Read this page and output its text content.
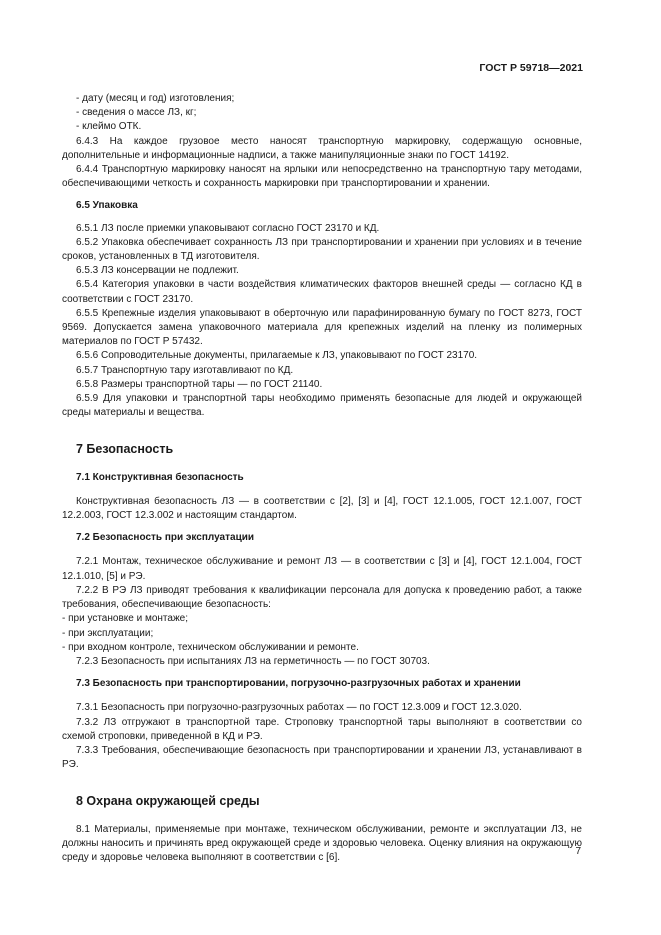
ГОСТ Р 59718—2021

- дату (месяц и год) изготовления;

- сведения о массе ЛЗ, кг;

- клеймо ОТК.

6.4.3 На каждое грузовое место наносят транспортную маркировку, содержащую основные, дополнительные и информационные надписи, а также манипуляционные знаки по ГОСТ 14192.

6.4.4 Транспортную маркировку наносят на ярлыки или непосредственно на транспортную тару методами, обеспечивающими четкость и сохранность маркировки при транспортировании и хранении.

6.5 Упаковка

6.5.1 ЛЗ после приемки упаковывают согласно ГОСТ 23170 и КД.

6.5.2 Упаковка обеспечивает сохранность ЛЗ при транспортировании и хранении при условиях и в течение сроков, установленных в ТД изготовителя.

6.5.3 ЛЗ консервации не подлежит.

6.5.4 Категория упаковки в части воздействия климатических факторов внешней среды — согласно КД в соответствии с ГОСТ 23170.

6.5.5 Крепежные изделия упаковывают в оберточную или парафинированную бумагу по ГОСТ 8273, ГОСТ 9569. Допускается замена упаковочного материала для крепежных изделий на пленку из полимерных материалов по ГОСТ Р 57432.

6.5.6 Сопроводительные документы, прилагаемые к ЛЗ, упаковывают по ГОСТ 23170.

6.5.7 Транспортную тару изготавливают по КД.

6.5.8 Размеры транспортной тары — по ГОСТ 21140.

6.5.9 Для упаковки и транспортной тары необходимо применять безопасные для людей и окружающей среды материалы и вещества.

7 Безопасность

7.1 Конструктивная безопасность

Конструктивная безопасность ЛЗ — в соответствии с [2], [3] и [4], ГОСТ 12.1.005, ГОСТ 12.1.007, ГОСТ 12.2.003, ГОСТ 12.3.002 и настоящим стандартом.

7.2 Безопасность при эксплуатации

7.2.1 Монтаж, техническое обслуживание и ремонт ЛЗ — в соответствии с [3] и [4], ГОСТ 12.1.004, ГОСТ 12.1.010, [5] и РЭ.

7.2.2 В РЭ ЛЗ приводят требования к квалификации персонала для допуска к проведению работ, а также требования, обеспечивающие безопасность:

- при установке и монтаже;

- при эксплуатации;

- при входном контроле, техническом обслуживании и ремонте.

7.2.3 Безопасность при испытаниях ЛЗ на герметичность — по ГОСТ 30703.

7.3 Безопасность при транспортировании, погрузочно-разгрузочных работах и хранении

7.3.1 Безопасность при погрузочно-разгрузочных работах — по ГОСТ 12.3.009 и ГОСТ 12.3.020.

7.3.2 ЛЗ отгружают в транспортной таре. Строповку транспортной тары выполняют в соответствии со схемой строповки, приведенной в КД и РЭ.

7.3.3 Требования, обеспечивающие безопасность при транспортировании и хранении ЛЗ, устанавливают в РЭ.

8 Охрана окружающей среды

8.1 Материалы, применяемые при монтаже, техническом обслуживании, ремонте и эксплуатации ЛЗ, не должны наносить и причинять вред окружающей среде и здоровью человека. Оценку влияния на окружающую среду и здоровье человека выполняют в соответствии с [6].

7
